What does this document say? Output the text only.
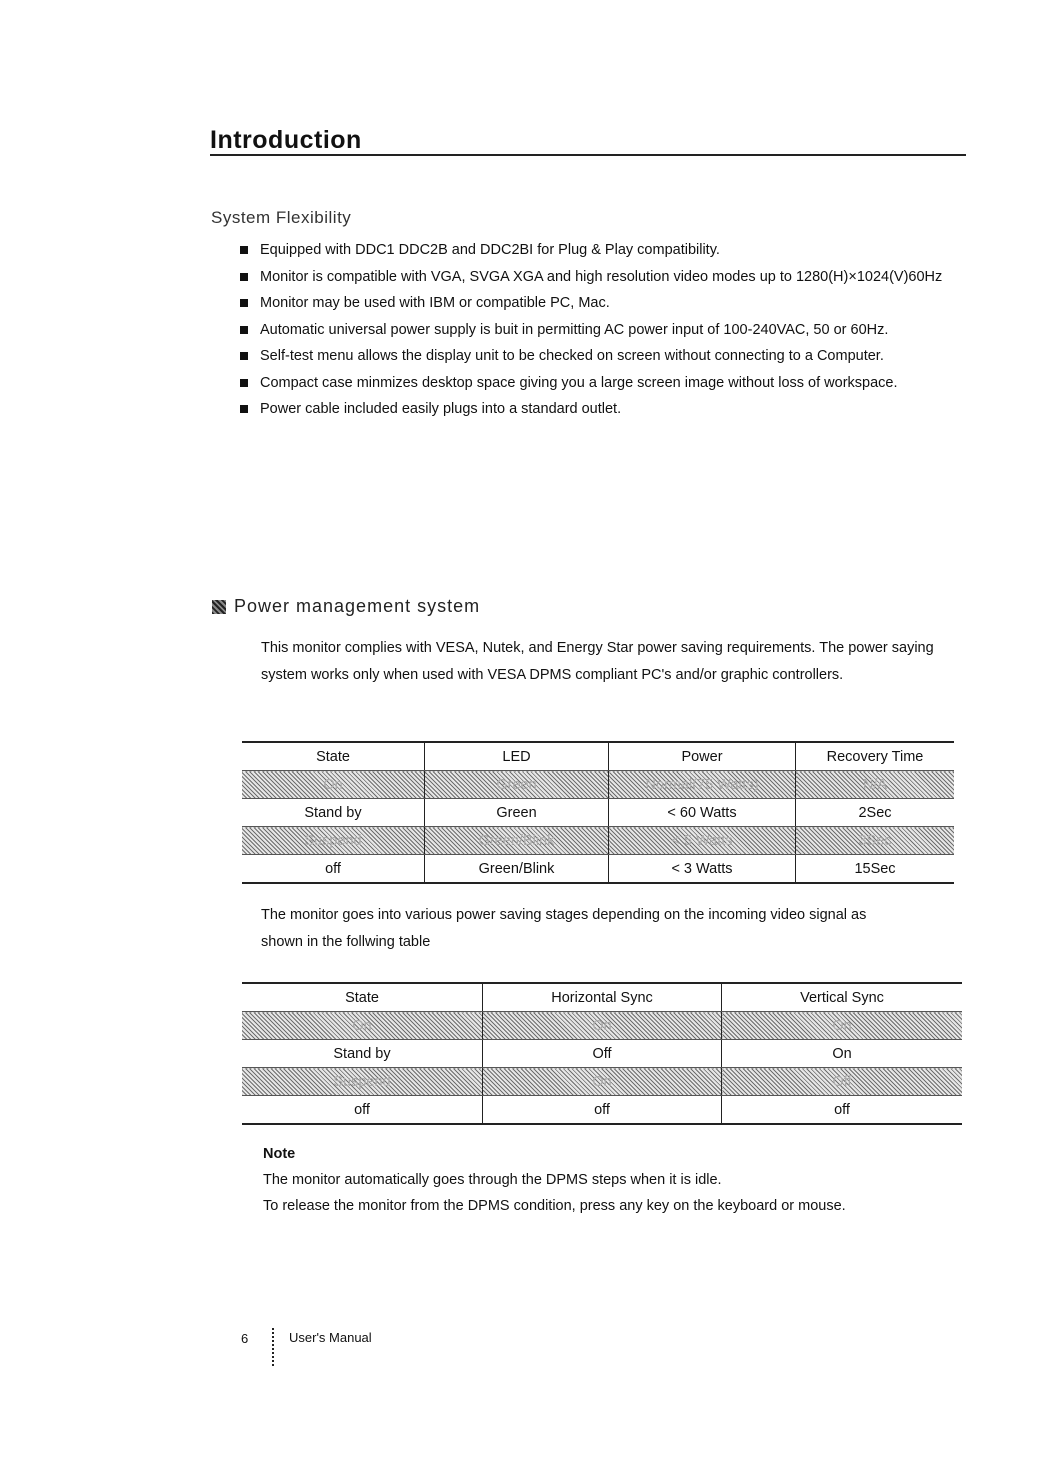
Introduction
System Flexibility
Equipped with DDC1 DDC2B and DDC2BI for Plug & Play compatibility.
Monitor is compatible with VGA, SVGA XGA and high resolution video modes up to 1280(H)×1024(V)60Hz
Monitor may be used with IBM or compatible PC, Mac.
Automatic universal power supply is buit in permitting AC power input of 100-240VAC, 50 or 60Hz.
Self-test menu allows the display unit to be checked on screen without connecting to a Computer.
Compact case minmizes desktop space giving you a large screen image without loss of workspace.
Power cable included easily plugs into a standard outlet.
Power management system

This monitor complies with VESA, Nutek, and Energy Star power saving requirements. The power saying system works only when used with VESA DPMS compliant PC's and/or graphic controllers.

State	LED	Power	Recovery Time
On	Green	Normal(75 Watts)	N/A
Stand by	Green	< 60 Watts	2Sec
Suspend	Green/Blink	< 5 Watts	3Sec
off	Green/Blink	< 3 Watts	15Sec

The monitor goes into various power saving stages depending on the incoming video signal as shown in the follwing table

State	Horizontal Sync	Vertical Sync
On	On	On
Stand by	Off	On
Suspend	On	Off
off	off	off
Note

The monitor automatically goes through the DPMS steps when it is idle.

To release the monitor from the DPMS condition, press any key on the keyboard or mouse.

6	User's Manual
